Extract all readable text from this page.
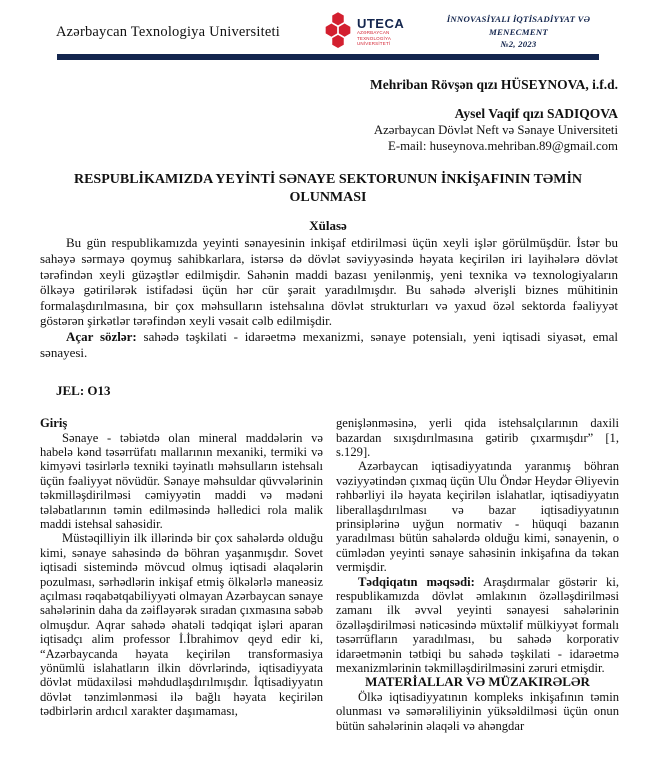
Azərbaycan Texnologiya Universiteti	UTECA
AZƏRBAYCAN TEXNOLOGİYA UNİVERSİTETİ
İNNOVASİYALI İQTİSADİYYAT VƏ MENECMENT
№2, 2023
Mehriban Rövşən qızı HÜSEYNOVA, i.f.d.
Aysel Vaqif qızı SADIQOVA
Azərbaycan Dövlət Neft və Sənaye Universiteti
E-mail: huseynova.mehriban.89@gmail.com
RESPUBLİKAMIZDA YEYİNTİ SƏNAYE SEKTORUNUN İNKİŞAFININ TƏMİN OLUNMASI
Xülasə

Bu gün respublikamızda yeyinti sənayesinin inkişaf etdirilməsi üçün xeyli işlər görülmüşdür. İstər bu sahəyə sərmayə qoymuş sahibkarlara, istərsə də dövlət səviyyəsində həyata keçirilən iri layihələrə dövlət tərəfindən xeyli güzəştlər edilmişdir. Sahənin maddi bazası yenilənmiş, yeni texnika və texnologiyaların ölkəyə gətirilərək istifadəsi üçün hər cür şərait yaradılmışdır. Bu sahədə əlverişli biznes mühitinin formalaşdırılmasına, bir çox məhsulların istehsalına dövlət strukturları və yaxud özəl sektorda fəaliyyət göstərən şirkətlər tərəfindən xeyli vəsait cəlb edilmişdir.

Açar sözlər: sahədə təşkilati - idarəetmə mexanizmi, sənaye potensialı, yeni iqtisadi siyasət, emal sənayesi.
JEL: O13

Giriş

Sənaye - təbiətdə olan mineral maddələrin və habelə kənd təsərrüfatı mallarının mexaniki, termiki və kimyəvi təsirlərlə texniki təyinatlı məhsulların istehsalı üçün fəaliyyət növüdür. Sənaye məhsuldar qüvvələrinin təkmilləşdirilməsi cəmiyyətin maddi və mədəni tələbatlarının təmin edilməsində həlledici rola malik maddi istehsal sahəsidir.

Müstəqilliyin ilk illərində bir çox sahələrdə olduğu kimi, sənaye sahəsində də böhran yaşanmışdır. Sovet iqtisadi sistemində mövcud olmuş iqtisadi əlaqələrin pozulması, sərhədlərin inkişaf etmiş ölkələrlə maneəsiz açılması rəqabətqabiliyyəti olmayan Azərbaycan sənaye sahələrinin daha da zəifləyərək sıradan çıxmasına səbəb olmuşdur. Aqrar sahədə əhatəli tədqiqat işləri aparan iqtisadçı alim professor İ.İbrahimov qeyd edir ki, “Azərbaycanda həyata keçirilən transformasiya yönümlü islahatların ilkin dövrlərində, iqtisadiyyata dövlət müdaxiləsi məhdudlaşdırılmışdır. İqtisadiyyatın dövlət tənzimlənməsi ilə bağlı həyata keçirilən tədbirlərin ardıcıl xarakter daşımaması,

genişlənməsinə, yerli qida istehsalçılarının daxili bazardan sıxışdırılmasına gətirib çıxarmışdır” [1, s.129].

Azərbaycan iqtisadiyyatında yaranmış böhran vəziyyətindən çıxmaq üçün Ulu Öndər Heydər Əliyevin rəhbərliyi ilə həyata keçirilən islahatlar, iqtisadiyyatın liberallaşdırılması və bazar iqtisadiyyatının prinsiplərinə uyğun normativ - hüquqi bazanın yaradılması bütün sahələrdə olduğu kimi, sənayenin, o cümlədən yeyinti sənaye sahəsinin inkişafına da təkan vermişdir.

Tədqiqatın məqsədi: Araşdırmalar göstərir ki, respublikamızda dövlət əmlakının özəlləşdirilməsi zamanı ilk əvvəl yeyinti sənayesi sahələrinin özəlləşdirilməsi nəticəsində müxtəlif mülkiyyət formalı təsərrüfların yaradılması, bu sahədə korporativ idarəetmənin tətbiqi bu sahədə təşkilati - idarəetmə mexanizmlərinin təkmilləşdirilməsini zəruri etmişdir.

MATERİALLAR VƏ MÜZAKIRƏLƏR

Ölkə iqtisadiyyatının kompleks inkişafının təmin olunması və səmərəliliyinin yüksəldilməsi üçün onun bütün sahələrinin əlaqəli və ahəngdar
